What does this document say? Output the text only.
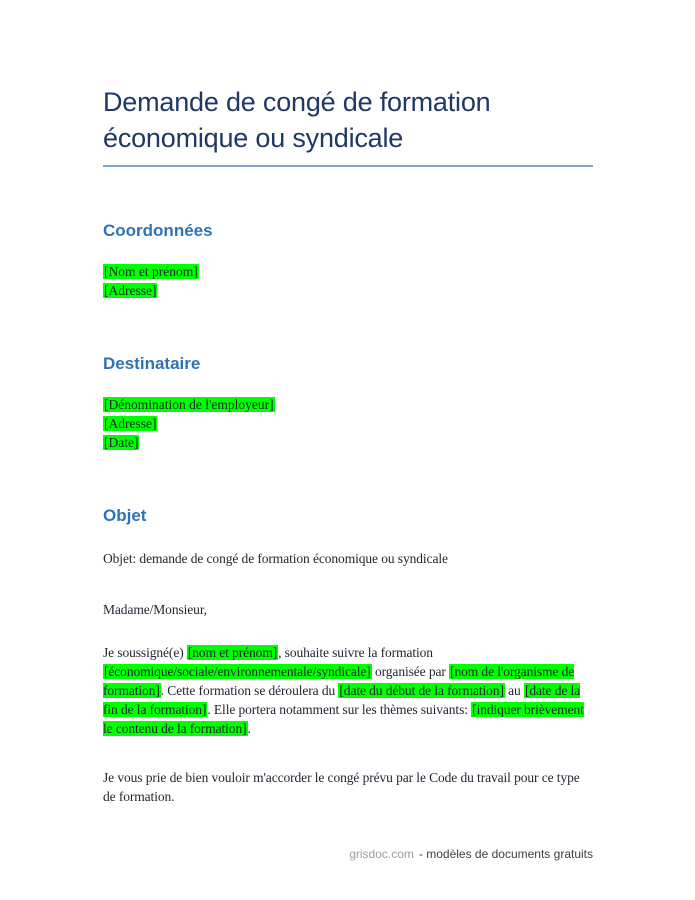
Demande de congé de formation économique ou syndicale
Coordonnées
[Nom et prénom]
[Adresse]
Destinataire
[Dénomination de l'employeur]
[Adresse]
[Date]
Objet

Objet: demande de congé de formation économique ou syndicale

Madame/Monsieur,

Je soussigné(e) [nom et prénom], souhaite suivre la formation [économique/sociale/environnementale/syndicale] organisée par [nom de l'organisme de formation]. Cette formation se déroulera du [date du début de la formation] au [date de la fin de la formation]. Elle portera notamment sur les thèmes suivants: [indiquer brièvement le contenu de la formation].

Je vous prie de bien vouloir m'accorder le congé prévu par le Code du travail pour ce type de formation.

grisdoc.com - modèles de documents gratuits
